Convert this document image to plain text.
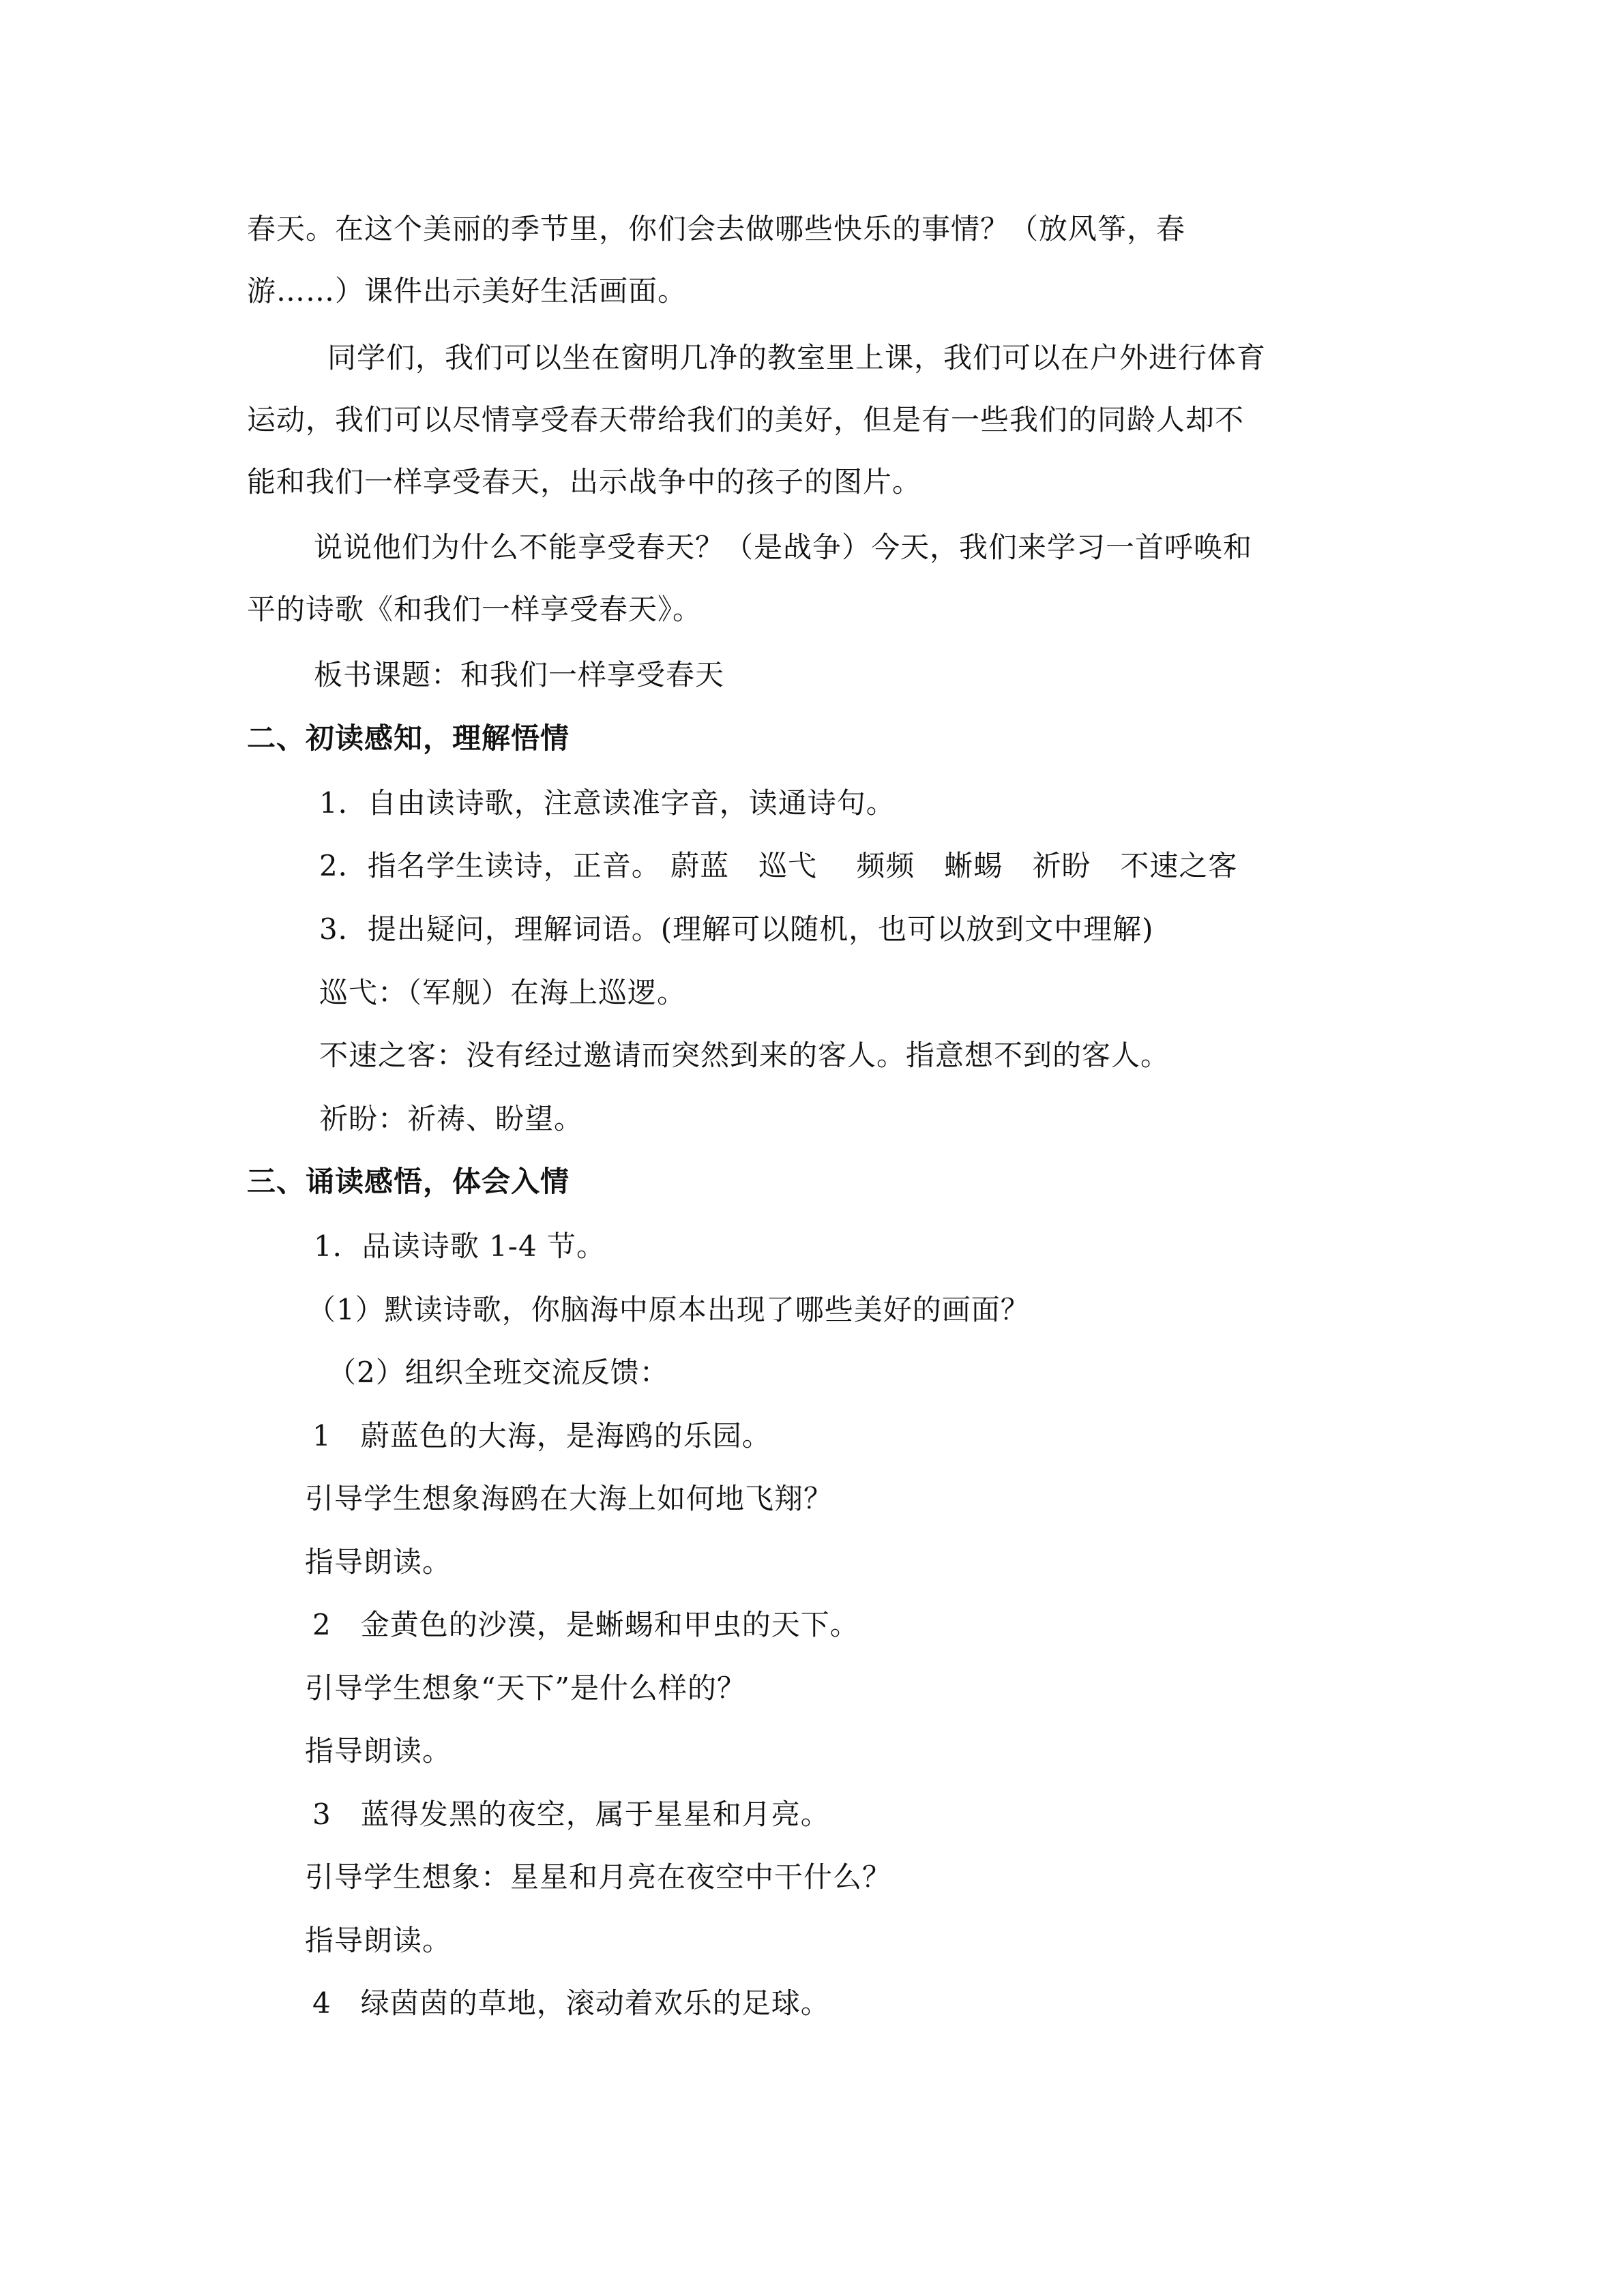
春天。在这个美丽的季节里，你们会去做哪些快乐的事情？（放风筝，春

游……）课件出示美好生活画面。

同学们，我们可以坐在窗明几净的教室里上课，我们可以在户外进行体育

运动，我们可以尽情享受春天带给我们的美好，但是有一些我们的同龄人却不

能和我们一样享受春天，出示战争中的孩子的图片。

说说他们为什么不能享受春天？（是战争）今天，我们来学习一首呼唤和

平的诗歌《和我们一样享受春天》。

板书课题：和我们一样享受春天

二、初读感知，理解悟情

1．自由读诗歌，注意读准字音，读通诗句。

2．指名学生读诗，正音。 蔚蓝　巡弋　 频频　蜥蜴　祈盼　不速之客

3．提出疑问，理解词语。(理解可以随机，也可以放到文中理解)

巡弋：（军舰）在海上巡逻。

不速之客：没有经过邀请而突然到来的客人。指意想不到的客人。

祈盼：祈祷、盼望。

三、诵读感悟，体会入情

1．品读诗歌 1-4 节。

（1）默读诗歌，你脑海中原本出现了哪些美好的画面？

（2）组织全班交流反馈：

1　蔚蓝色的大海，是海鸥的乐园。

引导学生想象海鸥在大海上如何地飞翔？

指导朗读。

2　金黄色的沙漠，是蜥蜴和甲虫的天下。

引导学生想象“天下”是什么样的？

指导朗读。

3　蓝得发黑的夜空，属于星星和月亮。

引导学生想象：星星和月亮在夜空中干什么？

指导朗读。

4　绿茵茵的草地，滚动着欢乐的足球。
